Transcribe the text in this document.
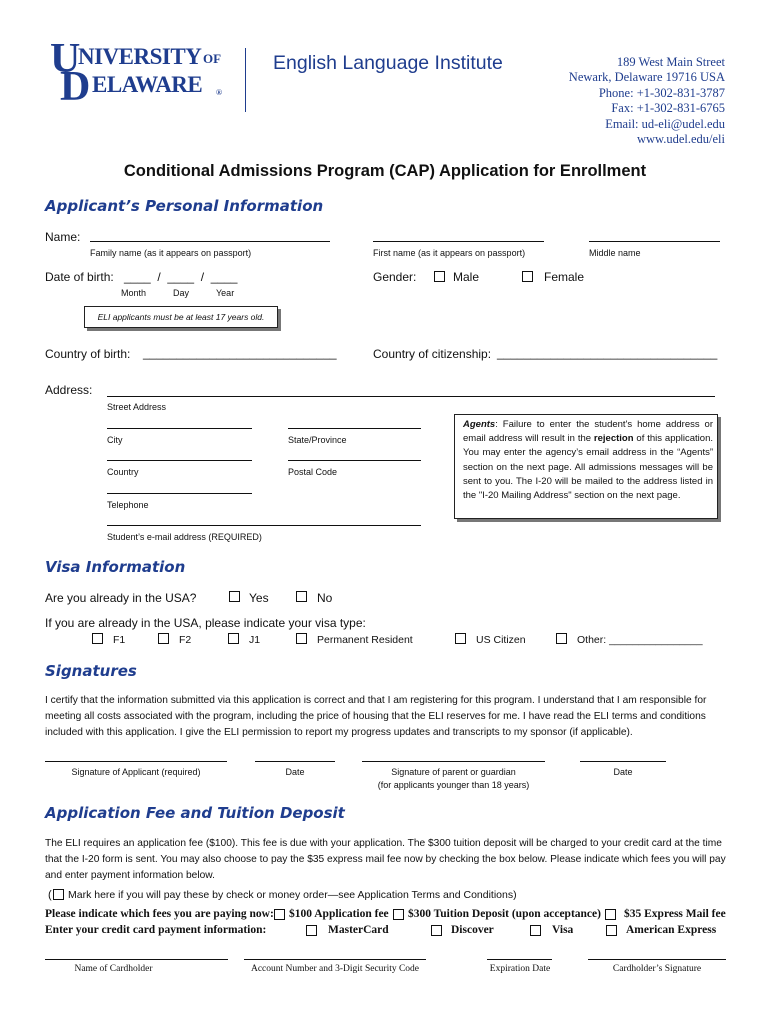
U
NIVERSITY OF
D ELAWARE ®
English Language Institute	189 West Main Street
Newark, Delaware 19716 USA
Phone: +1-302-831-3787
Fax: +1-302-831-6765
Email: ud-eli@udel.edu
www.udel.edu/eli
Conditional Admissions Program (CAP) Application for Enrollment
Applicant’s Personal Information
Name:
Family name (as it appears on passport)	First name (as it appears on passport)	Middle name
Date of birth: ____  /  ____  /  ____
Month	Day	Year
Gender:	Male	Female
ELI applicants must be at least 17 years old.
Country of birth: _____________________________	Country of citizenship: _________________________________
Address:
Street Address
City	State/Province
Country	Postal Code
Telephone
Student’s e-mail address (REQUIRED)

Agents: Failure to enter the student's home address or email address will result in the rejection of this application. You may enter the agency’s email address in the “Agents” section on the next page. All admissions messages will be sent to you. The I-20 will be mailed to the address listed in the "I-20 Mailing Address" section on the next page.

Visa Information
Are you already in the USA?	Yes	No
If you are already in the USA, please indicate your visa type:
F1	F2	J1	Permanent Resident	US Citizen	Other: ________________
Signatures

I certify that the information submitted via this application is correct and that I am registering for this program. I understand that I am responsible for meeting all costs associated with the program, including the price of housing that the ELI reserves for me. I have read the ELI terms and conditions included with this application. I give the ELI permission to report my progress updates and transcripts to my sponsor (if applicable).

Signature of Applicant (required)	Date	Signature of parent or guardian
(for applicants younger than 18 years)
Date
Application Fee and Tuition Deposit

The ELI requires an application fee ($100). This fee is due with your application. The $300 tuition deposit will be charged to your credit card at the time that the I-20 form is sent. You may also choose to pay the $35 express mail fee now by checking the box below. Please indicate which fees you will pay and enter payment information below.

( Mark here if you will pay these by check or money order—see Application Terms and Conditions)
Please indicate which fees you are paying now: $100 Application fee $300 Tuition Deposit (upon acceptance) $35 Express Mail fee
Enter your credit card payment information:	MasterCard	Discover	Visa	American Express
Name of Cardholder	Account Number and 3-Digit Security Code	Expiration Date	Cardholder’s Signature
